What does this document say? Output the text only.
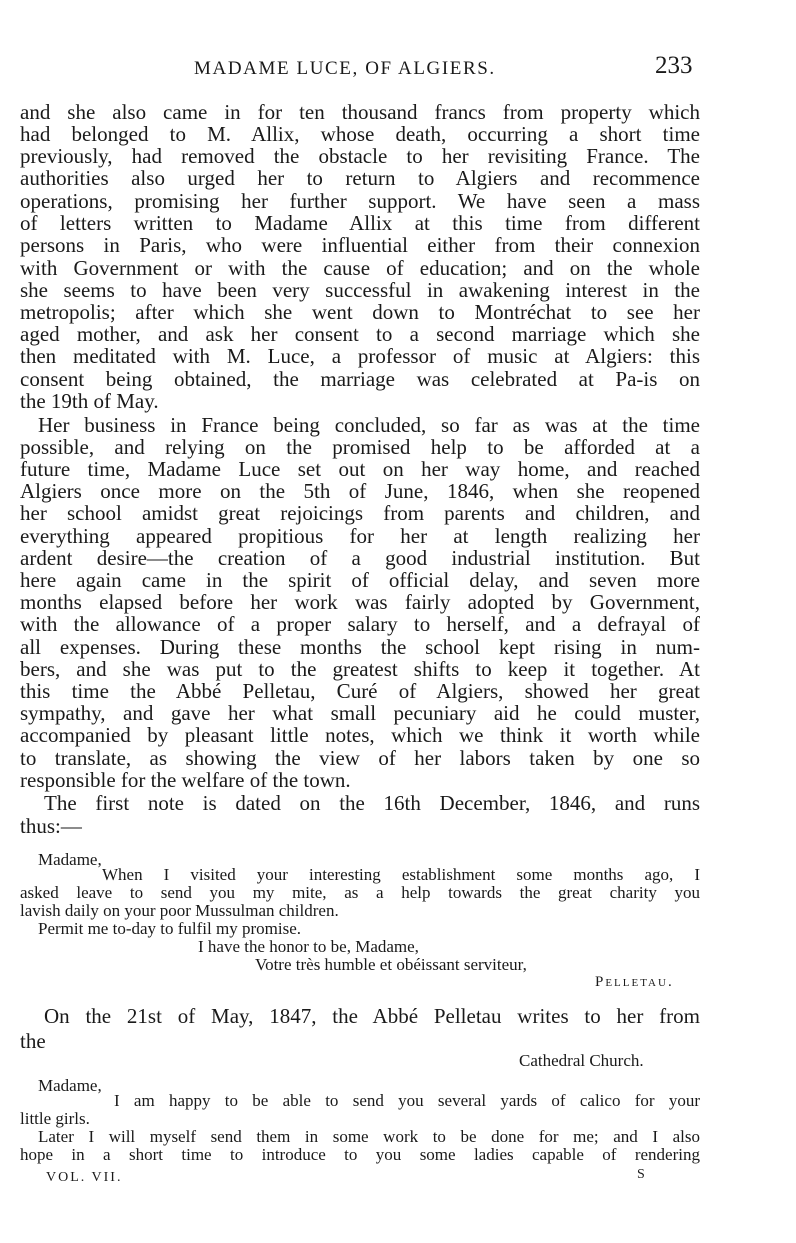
MADAME LUCE, OF ALGIERS.	233
and she also came in for ten thousand francs from property which
had belonged to M. Allix, whose death, occurring a short time
previously, had removed the obstacle to her revisiting France. The
authorities also urged her to return to Algiers and recommence
operations, promising her further support. We have seen a mass
of letters written to Madame Allix at this time from different
persons in Paris, who were influential either from their connexion
with Government or with the cause of education; and on the whole
she seems to have been very successful in awakening interest in the
metropolis; after which she went down to Montréchat to see her
aged mother, and ask her consent to a second marriage which she
then meditated with M. Luce, a professor of music at Algiers: this
consent being obtained, the marriage was celebrated at Pa‑is on
the 19th of May.
Her business in France being concluded, so far as was at the time
possible, and relying on the promised help to be afforded at a
future time, Madame Luce set out on her way home, and reached
Algiers once more on the 5th of June, 1846, when she reopened
her school amidst great rejoicings from parents and children, and
everything appeared propitious for her at length realizing her
ardent desire—the creation of a good industrial institution. But
here again came in the spirit of official delay, and seven more
months elapsed before her work was fairly adopted by Government,
with the allowance of a proper salary to herself, and a defrayal of
all expenses. During these months the school kept rising in num-
bers, and she was put to the greatest shifts to keep it together. At
this time the Abbé Pelletau, Curé of Algiers, showed her great
sympathy, and gave her what small pecuniary aid he could muster,
accompanied by pleasant little notes, which we think it worth while
to translate, as showing the view of her labors taken by one so
responsible for the welfare of the town.
The first note is dated on the 16th December, 1846, and runs
thus:—
Madame,
When I visited your interesting establishment some months ago, I
asked leave to send you my mite, as a help towards the great charity you
lavish daily on your poor Mussulman children.
Permit me to-day to fulfil my promise.
I have the honor to be, Madame,
Votre très humble et obéissant serviteur,
Pelletau.
On the 21st of May, 1847, the Abbé Pelletau writes to her from
the
Cathedral Church.
Madame,
I am happy to be able to send you several yards of calico for your
little girls.
Later I will myself send them in some work to be done for me; and I also
hope in a short time to introduce to you some ladies capable of rendering
VOL. VII.	S
